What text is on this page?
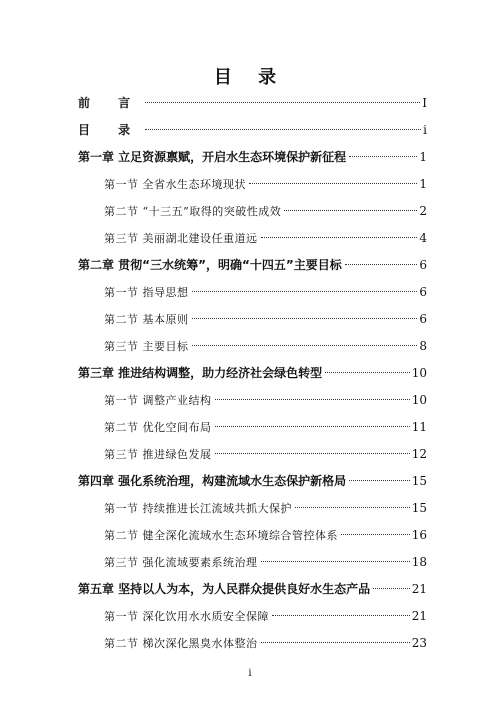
目 录
前 言	I
目 录	i
第一章 立足资源禀赋，开启水生态环境保护新征程	1
第一节 全省水生态环境现状	1
第二节 “十三五”取得的突破性成效	2
第三节 美丽湖北建设任重道远	4
第二章 贯彻“三水统筹”，明确“十四五”主要目标	6
第一节 指导思想	6
第二节 基本原则	6
第三节 主要目标	8
第三章 推进结构调整，助力经济社会绿色转型	10
第一节 调整产业结构	10
第二节 优化空间布局	11
第三节 推进绿色发展	12
第四章 强化系统治理，构建流域水生态保护新格局	15
第一节 持续推进长江流域共抓大保护	15
第二节 健全深化流域水生态环境综合管控体系	16
第三节 强化流域要素系统治理	18
第五章 坚持以人为本，为人民群众提供良好水生态产品	21
第一节 深化饮用水水质安全保障	21
第二节 梯次深化黑臭水体整治	23
i
